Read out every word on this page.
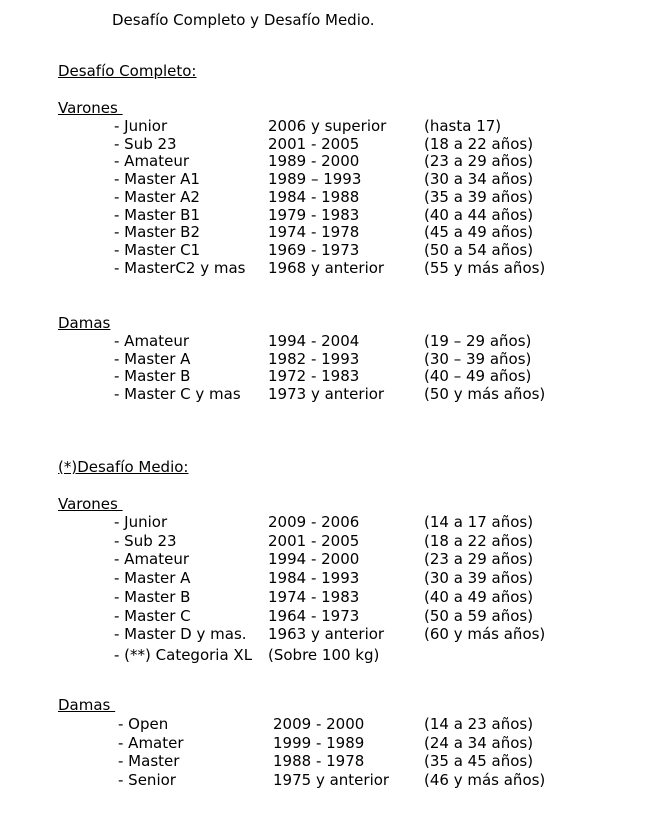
Desafío Completo y Desafío Medio.
Desafío Completo:
Varones
- Junior	2006 y superior	(hasta 17)
- Sub 23	2001 - 2005	(18 a 22 años)
- Amateur	1989 - 2000	(23 a 29 años)
- Master A1	1989 – 1993	(30 a 34 años)
- Master A2	1984 - 1988	(35 a 39 años)
- Master B1	1979 - 1983	(40 a 44 años)
- Master B2	1974 - 1978	(45 a 49 años)
- Master C1	1969 - 1973	(50 a 54 años)
- MasterC2 y mas 1968 y anterior	(55 y más años)
Damas
- Amateur	1994 - 2004	(19 – 29 años)
- Master A	1982 - 1993	(30 – 39 años)
- Master B	1972 - 1983	(40 – 49 años)
- Master C y mas 1973 y anterior	(50 y más años)
(*)Desafío Medio:
Varones
- Junior	2009 - 2006	(14 a 17 años)
- Sub 23	2001 - 2005	(18 a 22 años)
- Amateur	1994 - 2000	(23 a 29 años)
- Master A	1984 - 1993	(30 a 39 años)
- Master B	1974 - 1983	(40 a 49 años)
- Master C	1964 - 1973	(50 a 59 años)
- Master D y mas. 1963 y anterior	(60 y más años)
- (**) Categoria XL (Sobre 100 kg)
Damas
- Open	2009 - 2000	(14 a 23 años)
- Amater	1999 - 1989	(24 a 34 años)
- Master	1988 - 1978	(35 a 45 años)
- Senior	1975 y anterior (46 y más años)
